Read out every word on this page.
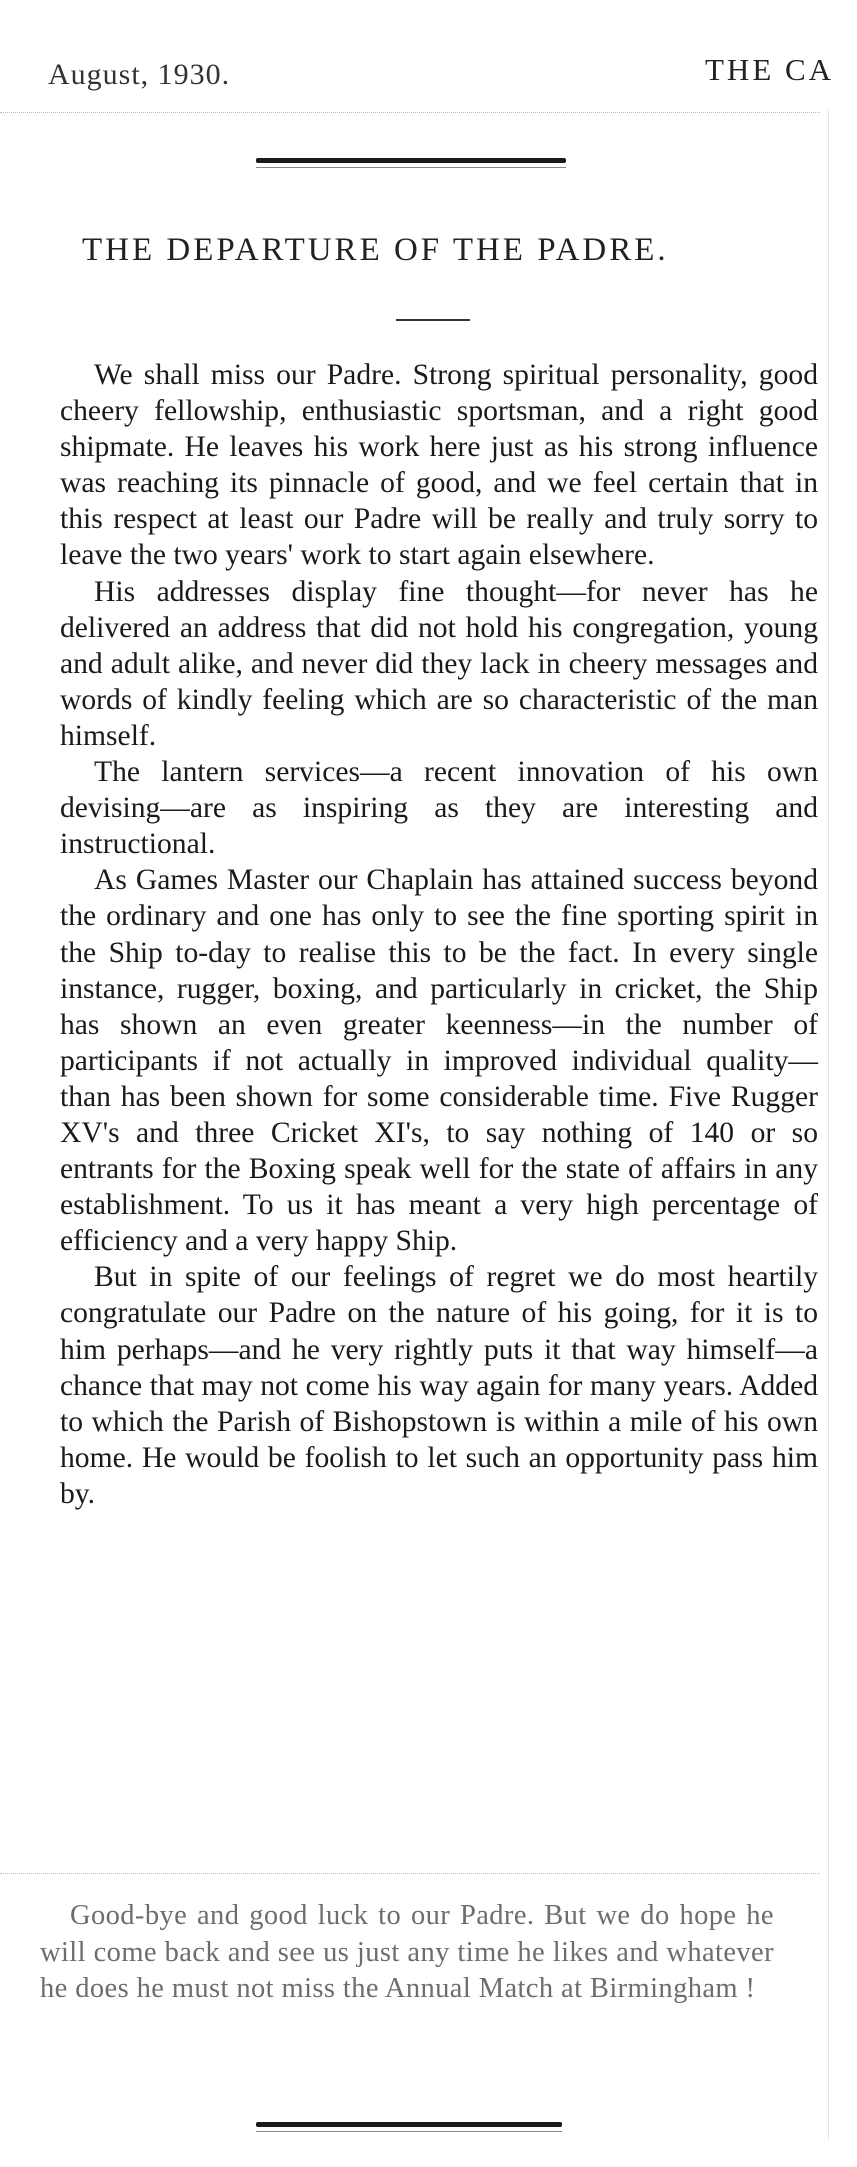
August, 1930.	THE CA
THE DEPARTURE OF THE PADRE.

We shall miss our Padre. Strong spiritual personality, good cheery fellowship, enthusiastic sportsman, and a right good shipmate. He leaves his work here just as his strong influence was reaching its pinnacle of good, and we feel certain that in this respect at least our Padre will be really and truly sorry to leave the two years' work to start again elsewhere.

His addresses display fine thought—for never has he delivered an address that did not hold his congregation, young and adult alike, and never did they lack in cheery messages and words of kindly feeling which are so characteristic of the man himself.

The lantern services—a recent innovation of his own devising—are as inspiring as they are interesting and instructional.

As Games Master our Chaplain has attained success beyond the ordinary and one has only to see the fine sporting spirit in the Ship to-day to realise this to be the fact. In every single instance, rugger, boxing, and particularly in cricket, the Ship has shown an even greater keenness—in the number of participants if not actually in improved individual quality—than has been shown for some considerable time. Five Rugger XV's and three Cricket XI's, to say nothing of 140 or so entrants for the Boxing speak well for the state of affairs in any establishment. To us it has meant a very high percentage of efficiency and a very happy Ship.

But in spite of our feelings of regret we do most heartily congratulate our Padre on the nature of his going, for it is to him perhaps—and he very rightly puts it that way himself—a chance that may not come his way again for many years. Added to which the Parish of Bishopstown is within a mile of his own home. He would be foolish to let such an opportunity pass him by.

Good-bye and good luck to our Padre. But we do hope he will come back and see us just any time he likes and whatever he does he must not miss the Annual Match at Birmingham !
